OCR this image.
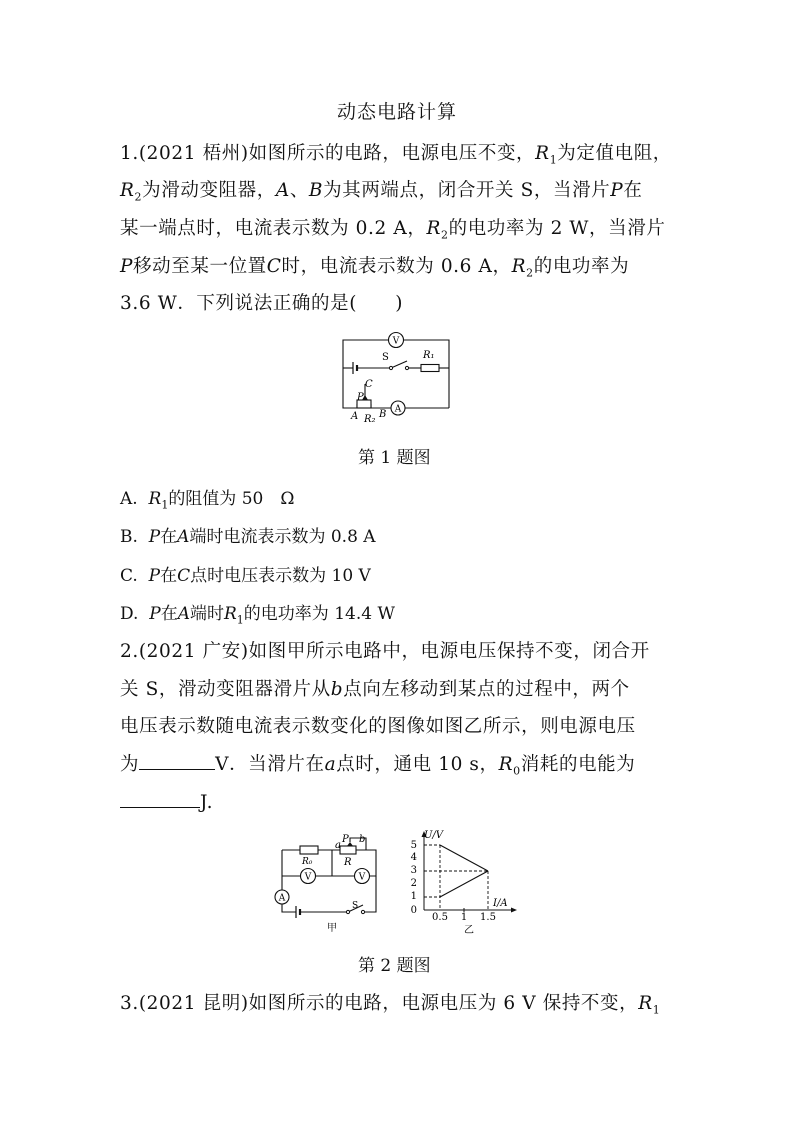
动态电路计算
1.(2021 梧州)如图所示的电路，电源电压不变，$R_1$为定值电阻，
$R_2$为滑动变阻器，A、B为其两端点，闭合开关 S，当滑片P在
某一端点时，电流表示数为 0.2 A，$R_2$的电功率为 2 W，当滑片
P移动至某一位置C时，电流表示数为 0.6 A，$R_2$的电功率为
3.6 W．下列说法正确的是(　　)
V
A
S	R₁
C
P
A R₂ B
第 1 题图
A. $R_1$的阻值为 50　Ω
B. P在A端时电流表示数为 0.8 A
C. P在C点时电压表示数为 10 V
D. P在A端时$R_1$的电功率为 14.4 W
2.(2021 广安)如图甲所示电路中，电源电压保持不变，闭合开
关 S，滑动变阻器滑片从b点向左移动到某点的过程中，两个
电压表示数随电流表示数变化的图像如图乙所示，则电源电压
为	V．当滑片在a点时，通电 10 s，$R_0$消耗的电能为
J.
V	V
A
R₀	R
a
P b
S
甲
U/V
I/A
5
4
3
2
1
0
0.5 1 1.5
乙
第 2 题图
3.(2021 昆明)如图所示的电路，电源电压为 6 V 保持不变，$R_1$
